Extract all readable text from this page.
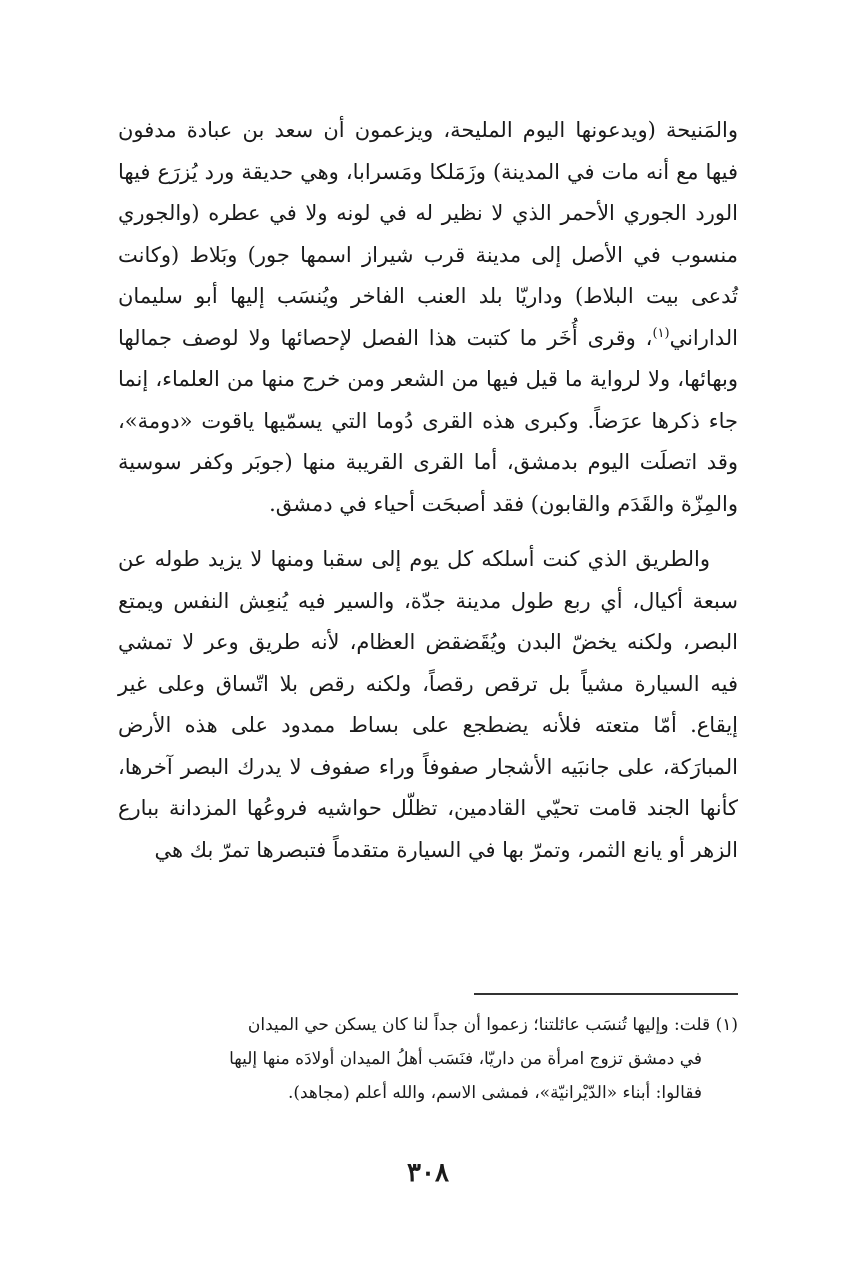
والمَنيحة (ويدعونها اليوم المليحة، ويزعمون أن سعد بن عبادة مدفون فيها مع أنه مات في المدينة) وزَمَلكا ومَسرابا، وهي حديقة ورد يُزرَع فيها الورد الجوري الأحمر الذي لا نظير له في لونه ولا في عطره (والجوري منسوب في الأصل إلى مدينة قرب شيراز اسمها جور) وبَلاط (وكانت تُدعى بيت البلاط) وداريّا بلد العنب الفاخر ويُنسَب إليها أبو سليمان الداراني$^{(١)}$، وقرى أُخَر ما كتبت هذا الفصل لإحصائها ولا لوصف جمالها وبهائها، ولا لرواية ما قيل فيها من الشعر ومن خرج منها من العلماء، إنما جاء ذكرها عرَضاً. وكبرى هذه القرى دُوما التي يسمّيها ياقوت «دومة»، وقد اتصلَت اليوم بدمشق، أما القرى القريبة منها (جوبَر وكفر سوسية والمِزّة والقَدَم والقابون) فقد أصبحَت أحياء في دمشق.

والطريق الذي كنت أسلكه كل يوم إلى سقبا ومنها لا يزيد طوله عن سبعة أكيال، أي ربع طول مدينة جدّة، والسير فيه يُنعِش النفس ويمتع البصر، ولكنه يخضّ البدن ويُقَضقض العظام، لأنه طريق وعر لا تمشي فيه السيارة مشياً بل ترقص رقصاً، ولكنه رقص بلا اتّساق وعلى غير إيقاع. أمّا متعته فلأنه يضطجع على بساط ممدود على هذه الأرض المبارَكة، على جانبَيه الأشجار صفوفاً وراء صفوف لا يدرك البصر آخرها، كأنها الجند قامت تحيّي القادمين، تظلّل حواشيه فروعُها المزدانة ببارع الزهر أو يانع الثمر، وتمرّ بها في السيارة متقدماً فتبصرها تمرّ بك هي

(١) قلت: وإليها تُنسَب عائلتنا؛ زعموا أن جداً لنا كان يسكن حي الميدان

في دمشق تزوج امرأة من داريّا، فنَسَب أهلُ الميدان أولادَه منها إليها

فقالوا: أبناء «الدّيْرانيّة»، فمشى الاسم، والله أعلم (مجاهد).

٣٠٨
